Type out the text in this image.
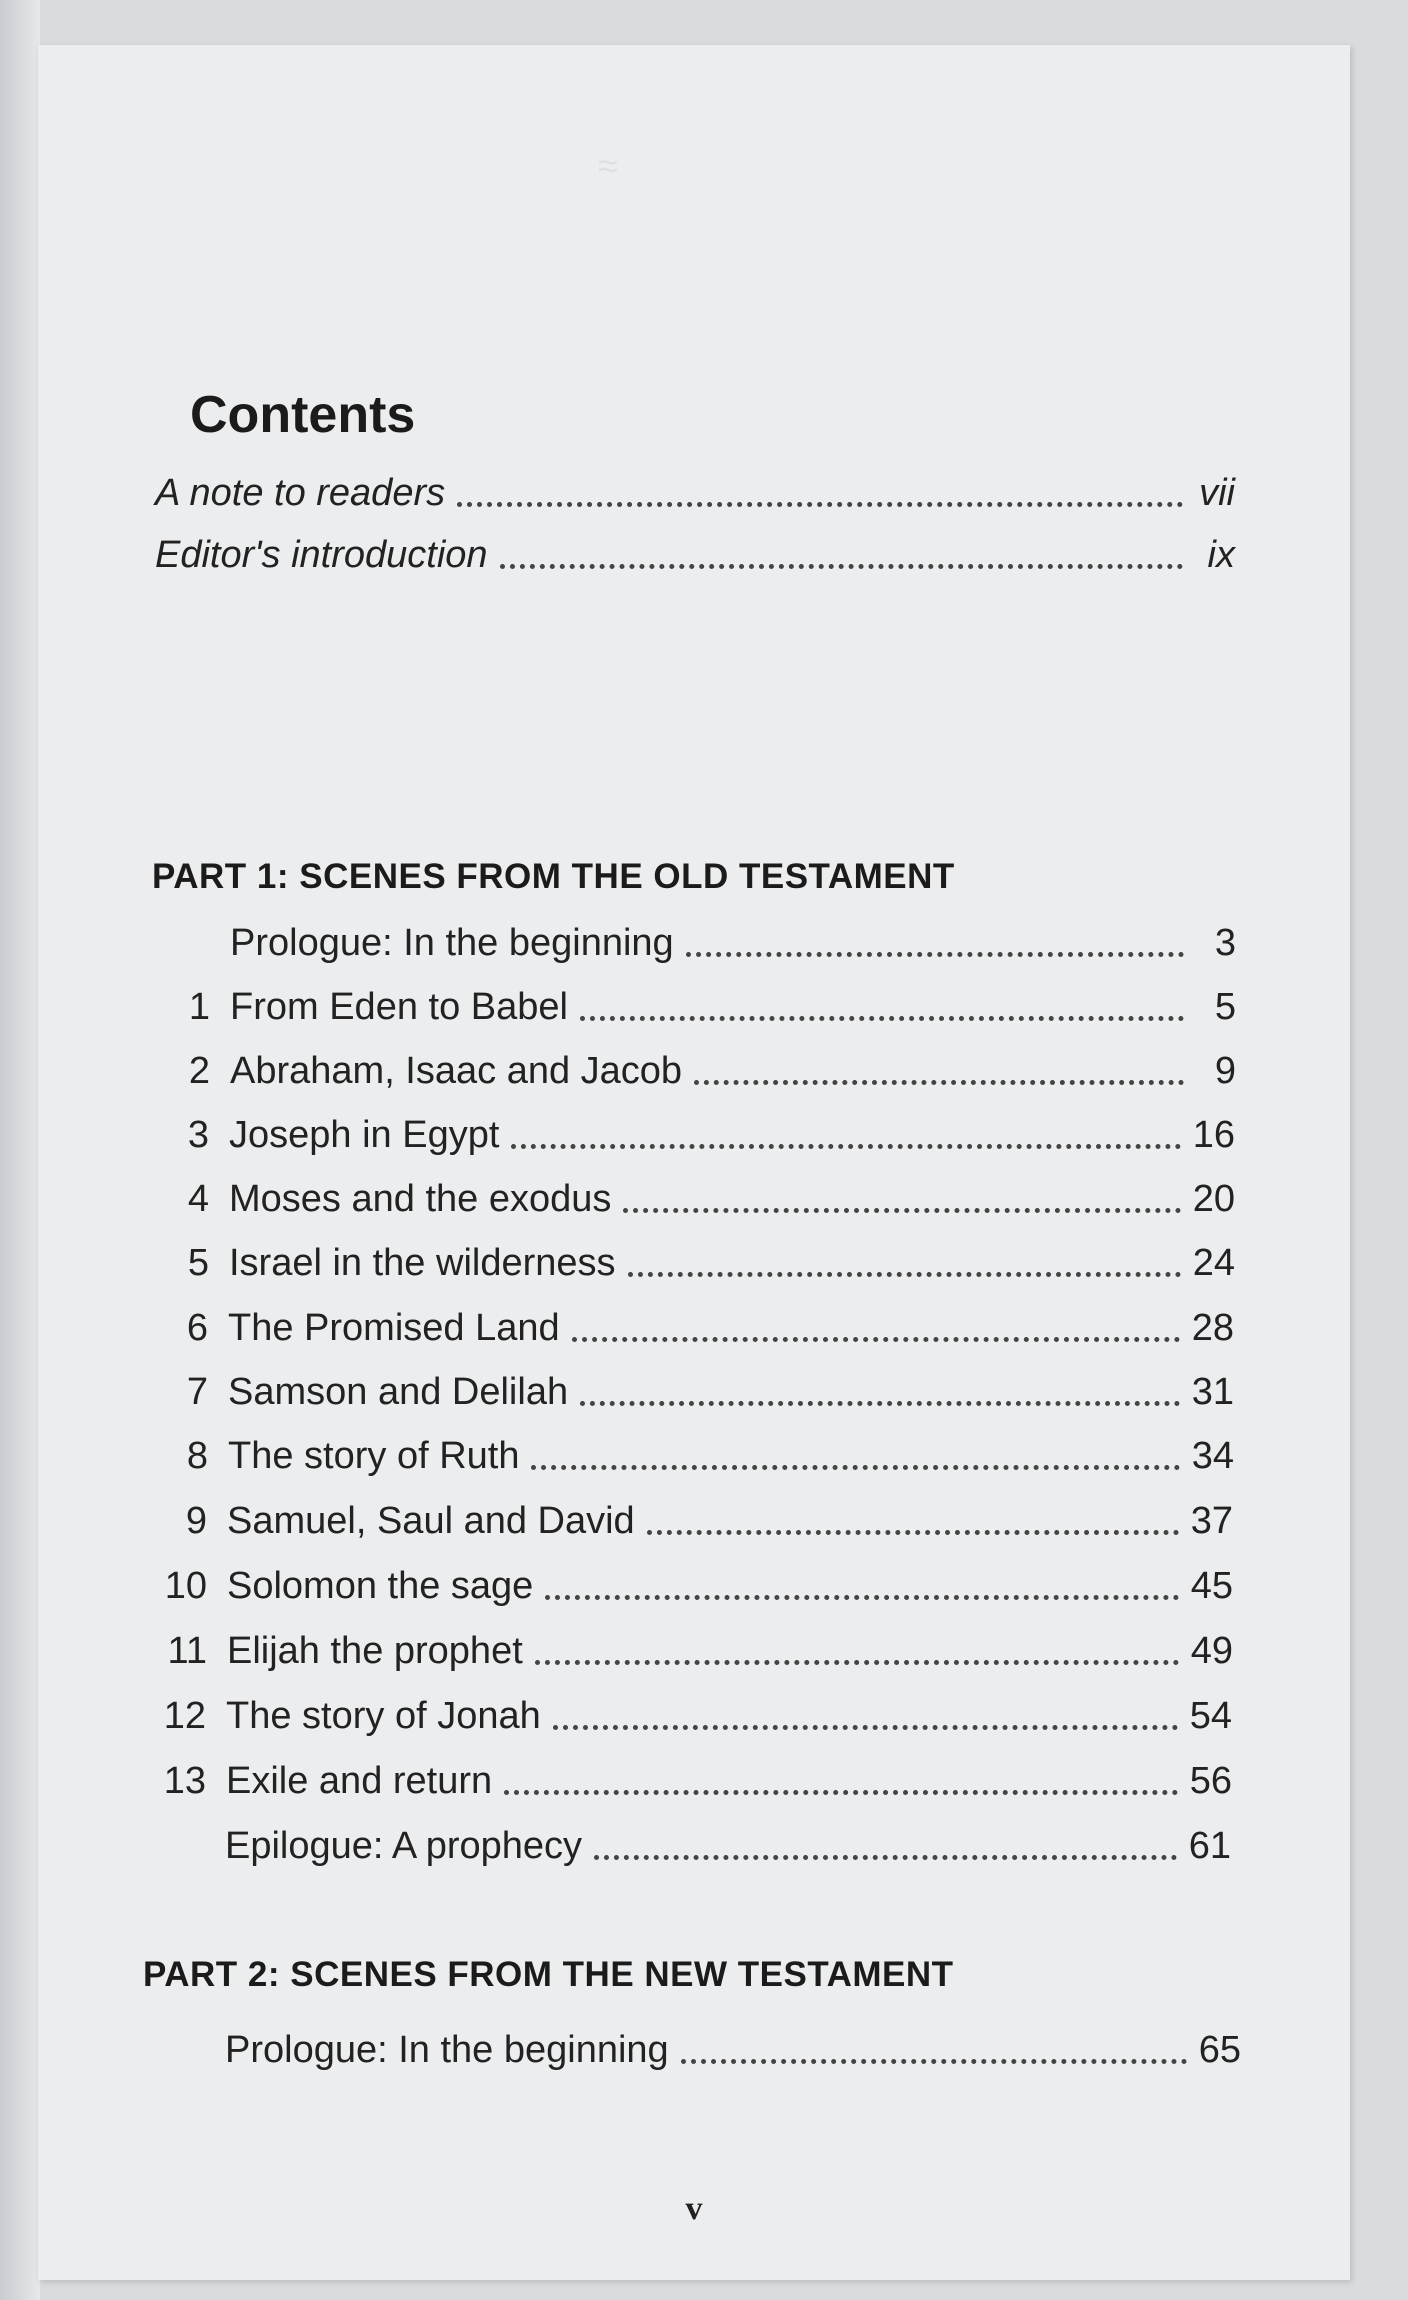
≈
Contents
A note to readers	vii
Editor's introduction	ix
PART 1: SCENES FROM THE OLD TESTAMENT
Prologue: In the beginning	3
1 From Eden to Babel	5
2 Abraham, Isaac and Jacob	9
3 Joseph in Egypt	16
4 Moses and the exodus	20
5 Israel in the wilderness	24
6 The Promised Land	28
7 Samson and Delilah	31
8 The story of Ruth	34
9 Samuel, Saul and David	37
10 Solomon the sage	45
11 Elijah the prophet	49
12 The story of Jonah	54
13 Exile and return	56
Epilogue: A prophecy	61
PART 2: SCENES FROM THE NEW TESTAMENT
Prologue: In the beginning	65
v
